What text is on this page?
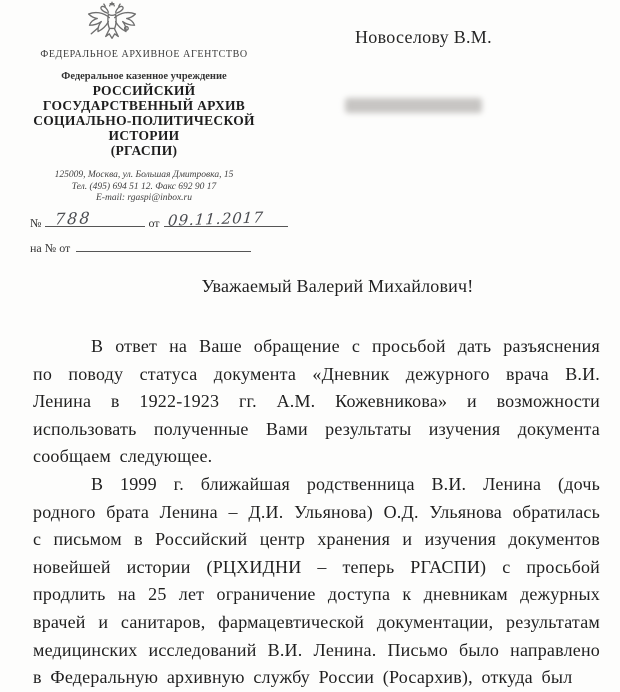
ФЕДЕРАЛЬНОЕ АРХИВНОЕ АГЕНТСТВО
Федеральное казенное учреждение
РОССИЙСКИЙ
ГОСУДАРСТВЕННЫЙ АРХИВ
СОЦИАЛЬНО-ПОЛИТИЧЕСКОЙ
ИСТОРИИ
(РГАСПИ)
125009, Москва, ул. Большая Дмитровка, 15
Тел. (495) 694 51 12. Факс 692 90 17
E-mail: rgaspi@inbox.ru
№ 788	от 09.11.2017
на № от
Новоселову В.М.
Уважаемый Валерий Михайлович!

В ответ на Ваше обращение с просьбой дать разъяснения по поводу статуса документа «Дневник дежурного врача В.И. Ленина в 1922-1923 гг. А.М. Кожевникова» и возможности использовать полученные Вами результаты изучения документа сообщаем следующее.

В 1999 г. ближайшая родственница В.И. Ленина (дочь родного брата Ленина – Д.И. Ульянова) О.Д. Ульянова обратилась с письмом в Российский центр хранения и изучения документов новейшей истории (РЦХИДНИ – теперь РГАСПИ) с просьбой продлить на 25 лет ограничение доступа к дневникам дежурных врачей и санитаров, фармацевтической документации, результатам медицинских исследований В.И. Ленина. Письмо было направлено в Федеральную архивную службу России (Росархив), откуда был
